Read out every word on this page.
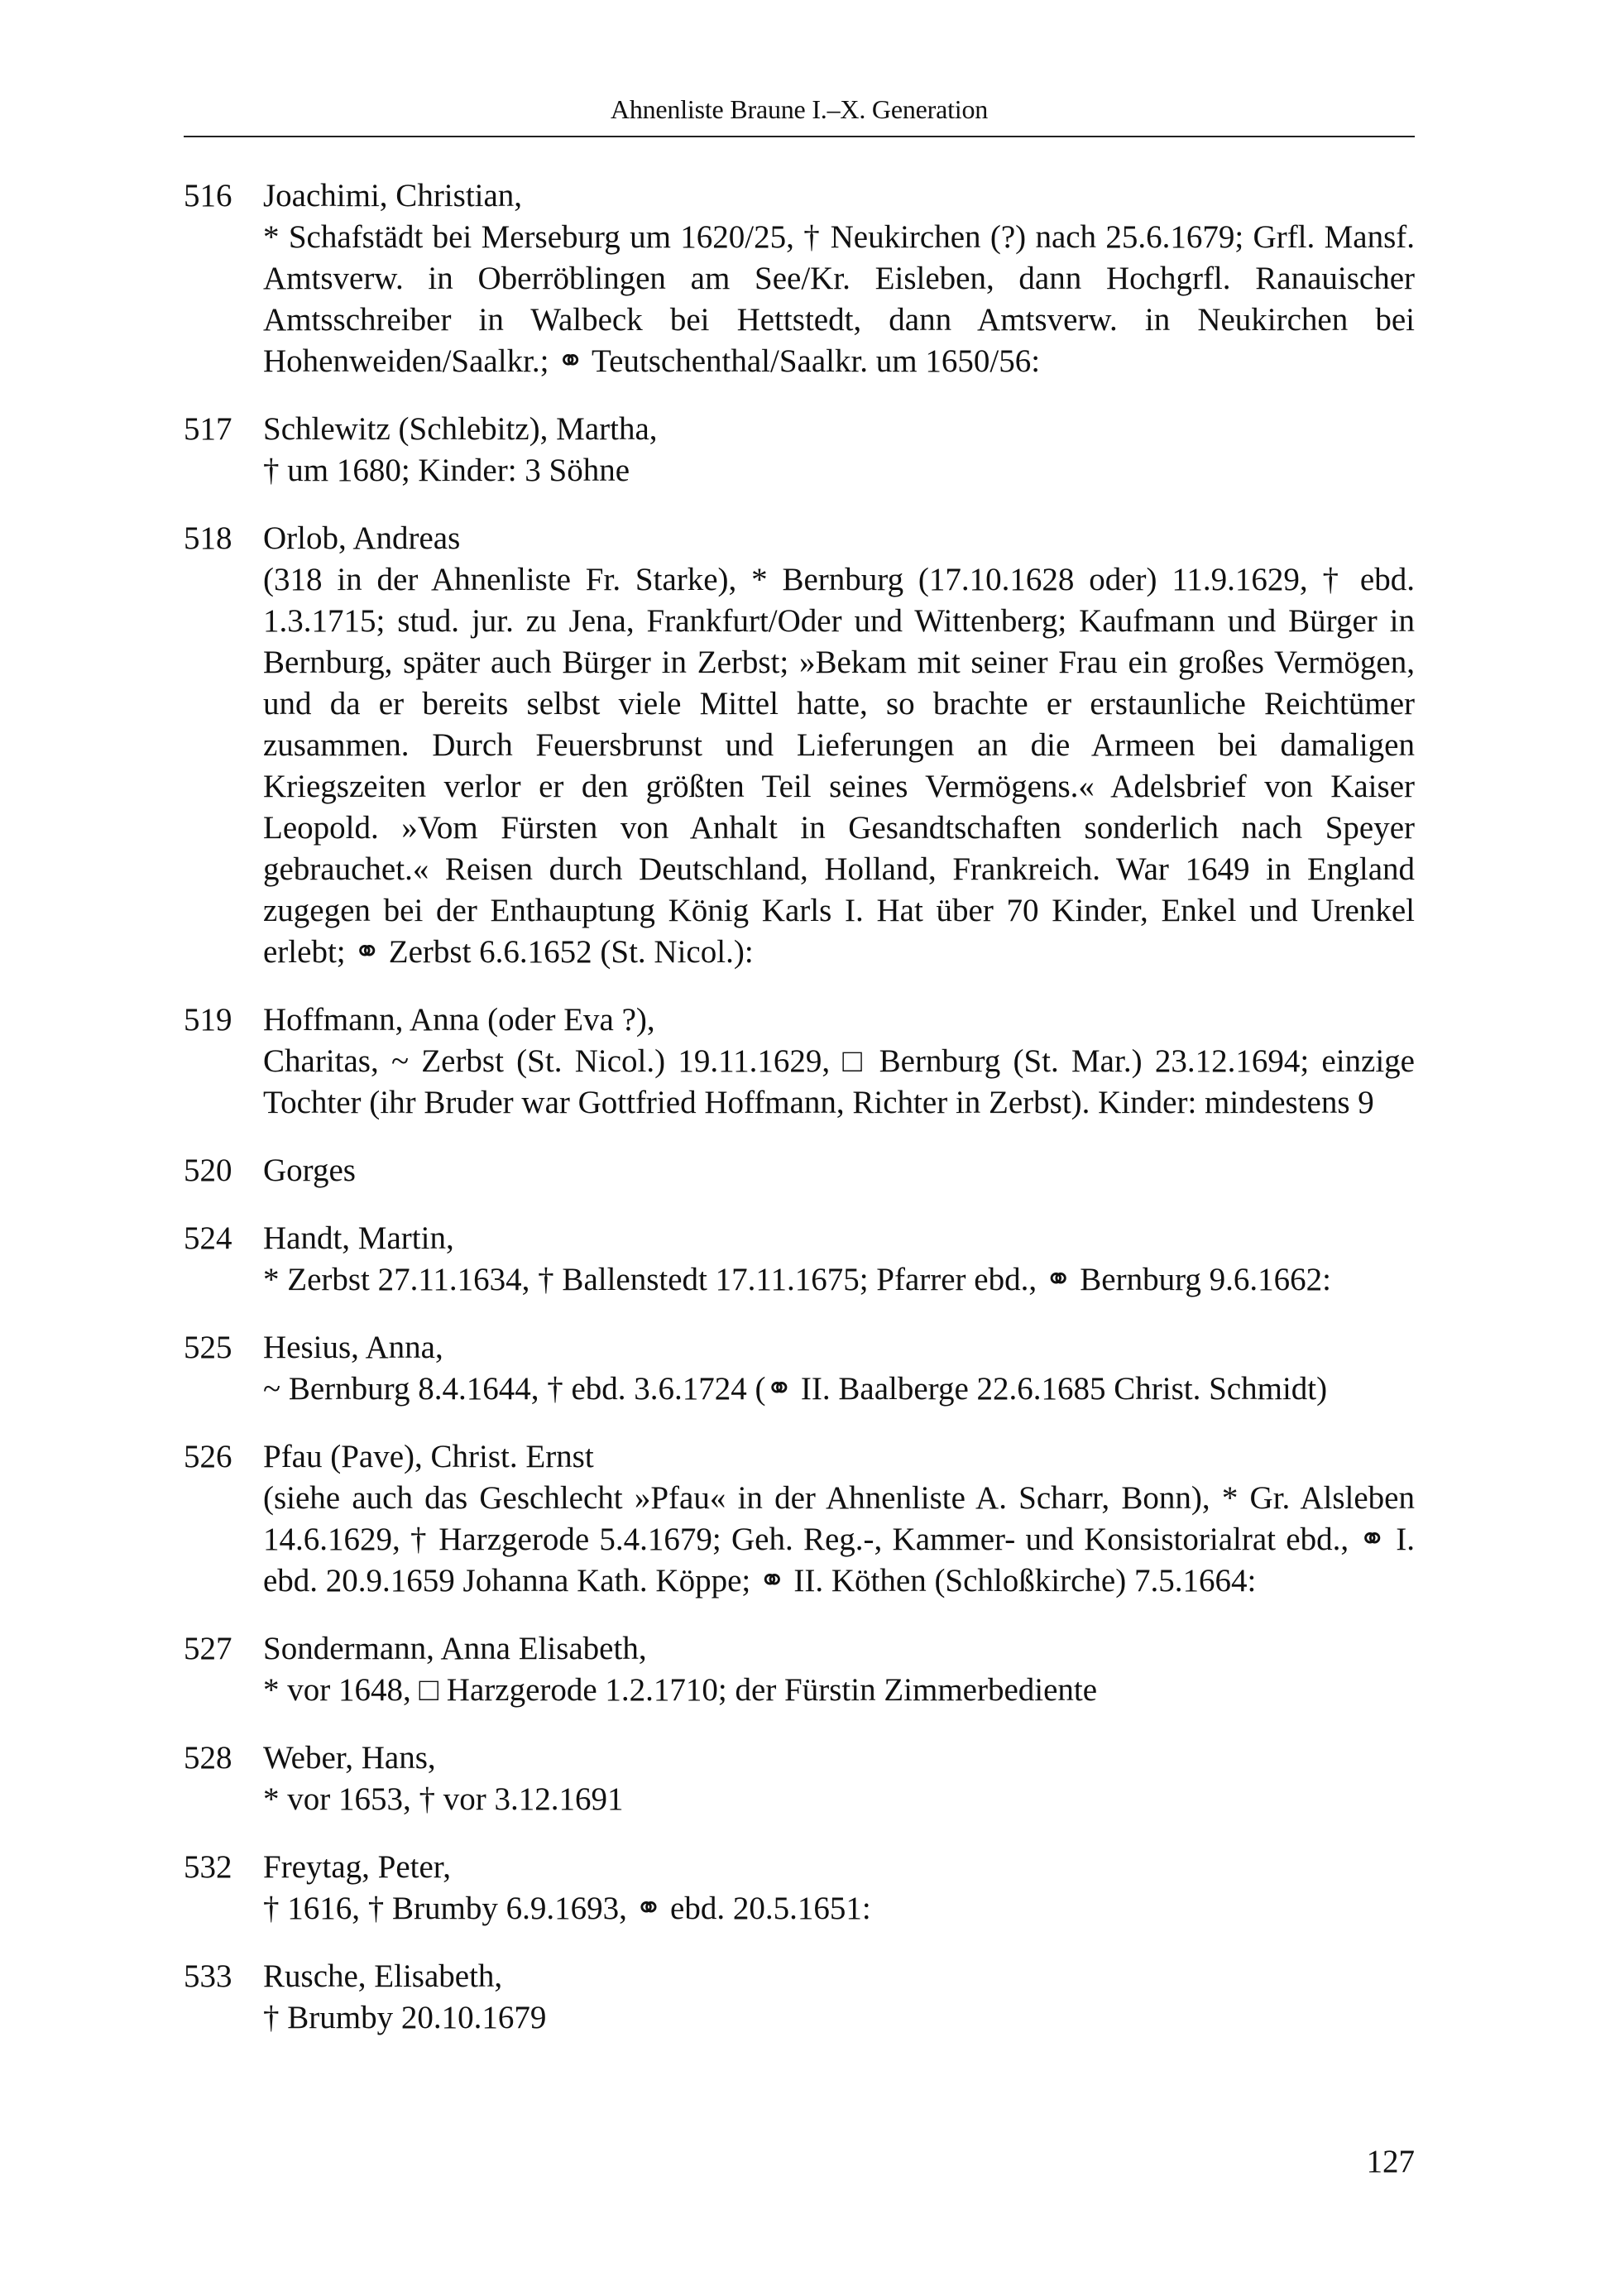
Ahnenliste Braune I.–X. Generation
516 Joachimi, Christian,
* Schafstädt bei Merseburg um 1620/25, † Neukirchen (?) nach 25.6.1679; Grfl. Mansf. Amtsverw. in Oberröblingen am See/Kr. Eisleben, dann Hochgrfl. Ranauischer Amtsschreiber in Walbeck bei Hettstedt, dann Amtsverw. in Neukirchen bei Hohenweiden/Saalkr.; ⚭ Teutschenthal/Saalkr. um 1650/56:
517 Schlewitz (Schlebitz), Martha,
† um 1680; Kinder: 3 Söhne
518 Orlob, Andreas
(318 in der Ahnenliste Fr. Starke), * Bernburg (17.10.1628 oder) 11.9.1629, † ebd. 1.3.1715; stud. jur. zu Jena, Frankfurt/Oder und Wittenberg; Kaufmann und Bürger in Bernburg, später auch Bürger in Zerbst; »Bekam mit seiner Frau ein großes Vermögen, und da er bereits selbst viele Mittel hatte, so brachte er erstaunliche Reichtümer zusammen. Durch Feuersbrunst und Lieferungen an die Armeen bei damaligen Kriegszeiten verlor er den größten Teil seines Vermögens.« Adelsbrief von Kaiser Leopold. »Vom Fürsten von Anhalt in Gesandtschaften sonderlich nach Speyer gebrauchet.« Reisen durch Deutschland, Holland, Frankreich. War 1649 in England zugegen bei der Enthauptung König Karls I. Hat über 70 Kinder, Enkel und Urenkel erlebt; ⚭ Zerbst 6.6.1652 (St. Nicol.):
519 Hoffmann, Anna (oder Eva ?),
Charitas, ~ Zerbst (St. Nicol.) 19.11.1629, □ Bernburg (St. Mar.) 23.12.1694; einzige Tochter (ihr Bruder war Gottfried Hoffmann, Richter in Zerbst). Kinder: mindestens 9
520 Gorges
524 Handt, Martin,
* Zerbst 27.11.1634, † Ballenstedt 17.11.1675; Pfarrer ebd., ⚭ Bernburg 9.6.1662:
525 Hesius, Anna,
~ Bernburg 8.4.1644, † ebd. 3.6.1724 (⚭ II. Baalberge 22.6.1685 Christ. Schmidt)
526 Pfau (Pave), Christ. Ernst
(siehe auch das Geschlecht »Pfau« in der Ahnenliste A. Scharr, Bonn), * Gr. Alsleben 14.6.1629, † Harzgerode 5.4.1679; Geh. Reg.-, Kammer- und Konsistorialrat ebd., ⚭ I. ebd. 20.9.1659 Johanna Kath. Köppe; ⚭ II. Köthen (Schloßkirche) 7.5.1664:
527 Sondermann, Anna Elisabeth,
* vor 1648, □ Harzgerode 1.2.1710; der Fürstin Zimmerbediente
528 Weber, Hans,
* vor 1653, † vor 3.12.1691
532 Freytag, Peter,
† 1616, † Brumby 6.9.1693, ⚭ ebd. 20.5.1651:
533 Rusche, Elisabeth,
† Brumby 20.10.1679
127
